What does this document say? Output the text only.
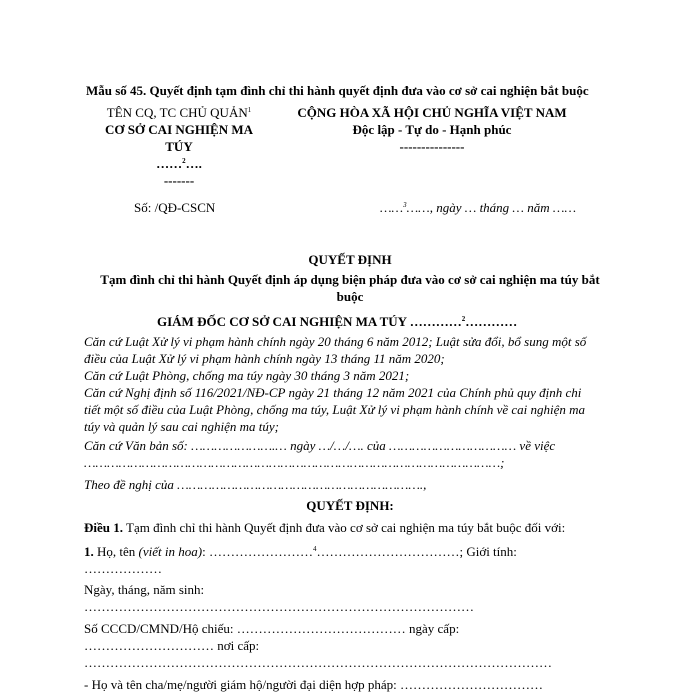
Mẫu số 45. Quyết định tạm đình chỉ thi hành quyết định đưa vào cơ sở cai nghiện bắt buộc
TÊN CQ, TC CHỦ QUẢN$^1$
CƠ SỞ CAI NGHIỆN MA
TÚY
……$^2$….
-------
CỘNG HÒA XÃ HỘI CHỦ NGHĨA VIỆT NAM
Độc lập - Tự do - Hạnh phúc
---------------
Số: /QĐ-CSCN	……$^3$……, ngày … tháng … năm ……
QUYẾT ĐỊNH
Tạm đình chỉ thi hành Quyết định áp dụng biện pháp đưa vào cơ sở cai nghiện ma túy bắt
buộc
GIÁM ĐỐC CƠ SỞ CAI NGHIỆN MA TÚY …………$^2$…………
Căn cứ Luật Xử lý vi phạm hành chính ngày 20 tháng 6 năm 2012; Luật sửa đổi, bổ sung một số
điều của Luật Xử lý vi phạm hành chính ngày 13 tháng 11 năm 2020;
Căn cứ Luật Phòng, chống ma túy ngày 30 tháng 3 năm 2021;
Căn cứ Nghị định số 116/2021/NĐ-CP ngày 21 tháng 12 năm 2021 của Chính phủ quy định chi
tiết một số điều của Luật Phòng, chống ma túy, Luật Xử lý vi phạm hành chính về cai nghiện ma
túy và quản lý sau cai nghiện ma túy;
Căn cứ Văn bản số: ………………….… ngày …/…/…. của …………………………… về việc
………………………………………………………………………………………………;
Theo đề nghị của ……………………………………………………….,
QUYẾT ĐỊNH:
Điều 1. Tạm đình chỉ thi hành Quyết định đưa vào cơ sở cai nghiện ma túy bắt buộc đối với:
1. Họ, tên (viết in hoa): ……………………$^4$……………………………; Giới tính:
………………
Ngày, tháng, năm sinh:
………………………………………………………………………………
Số CCCD/CMND/Hộ chiếu: ………………………………… ngày cấp:
………………………… nơi cấp:
………………………………………………………………………………………………
- Họ và tên cha/mẹ/người giám hộ/người đại diện hợp pháp: ……………………………
